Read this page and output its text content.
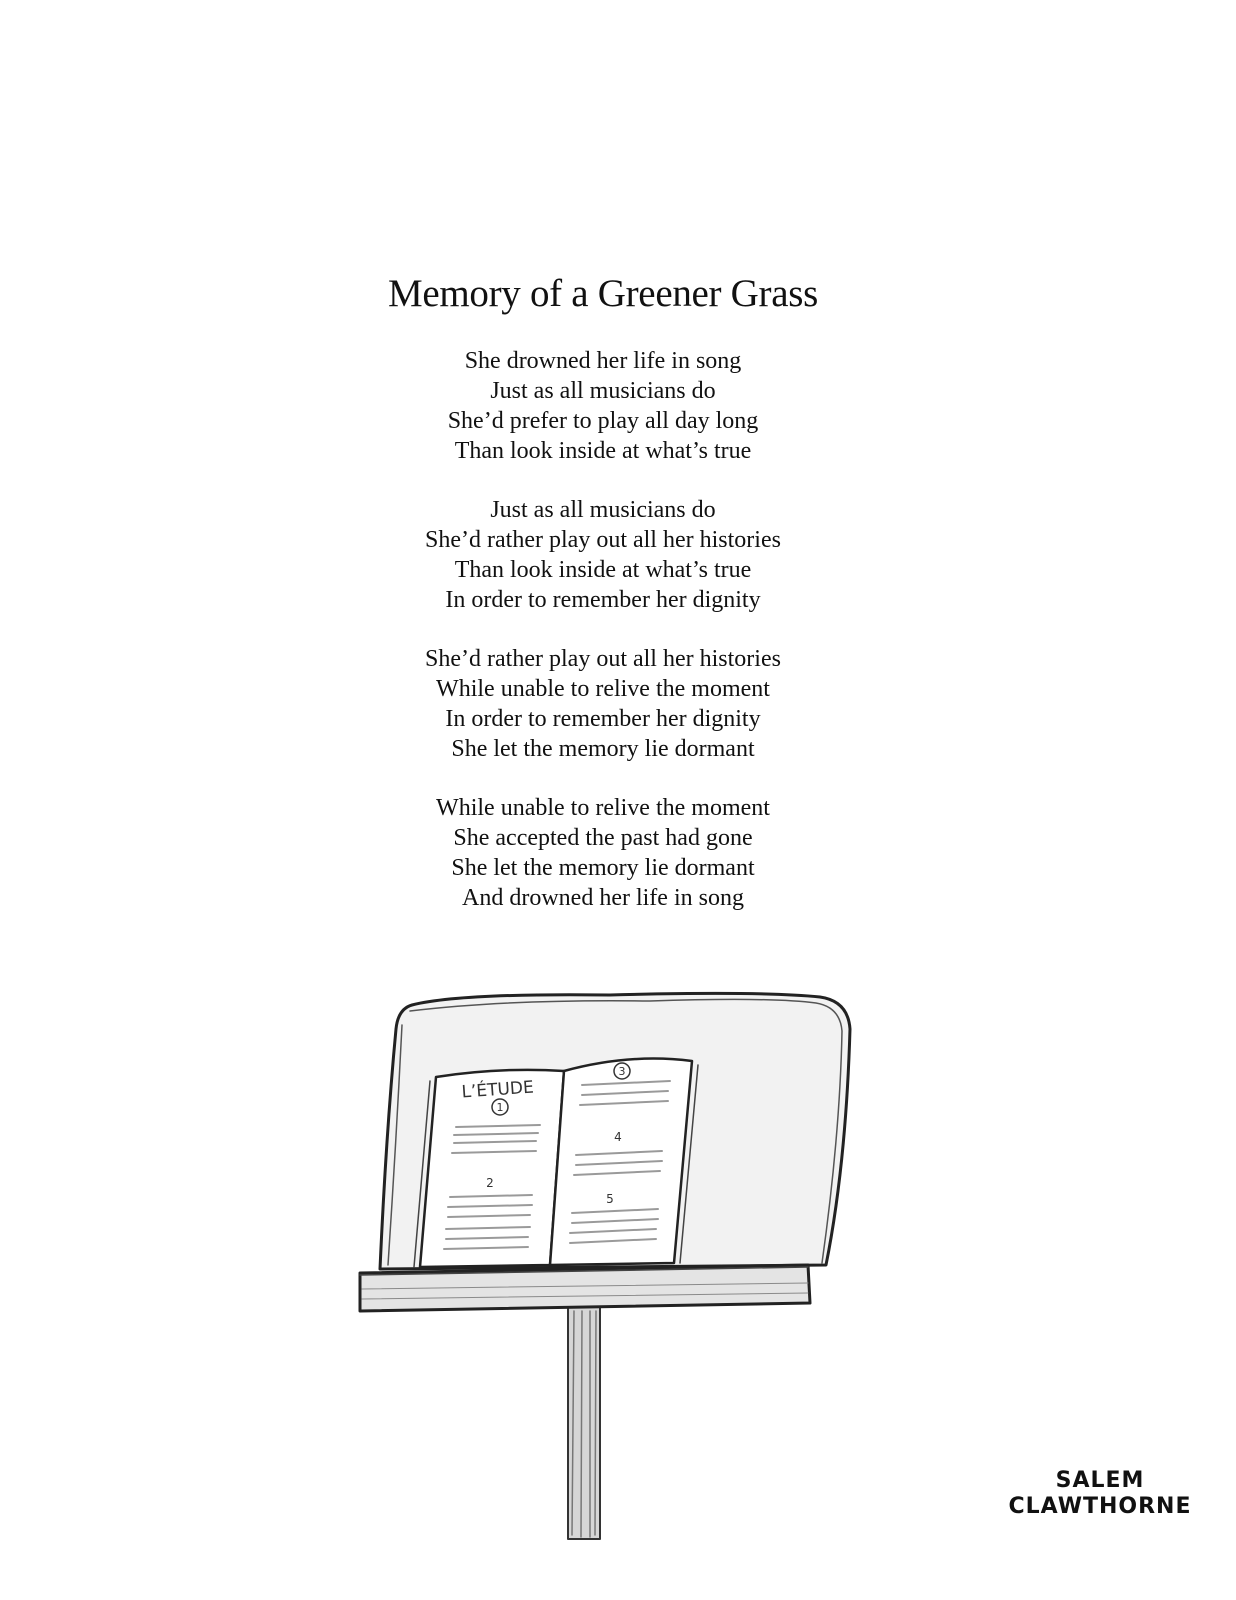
Memory of a Greener Grass
She drowned her life in song
Just as all musicians do
She’d prefer to play all day long
Than look inside at what’s true
Just as all musicians do
She’d rather play out all her histories
Than look inside at what’s true
In order to remember her dignity
She’d rather play out all her histories
While unable to relive the moment
In order to remember her dignity
She let the memory lie dormant
While unable to relive the moment
She accepted the past had gone
She let the memory lie dormant
And drowned her life in song
L’ÉTUDE
1
2
3
4
5
SALEM
CLAWTHORNE
